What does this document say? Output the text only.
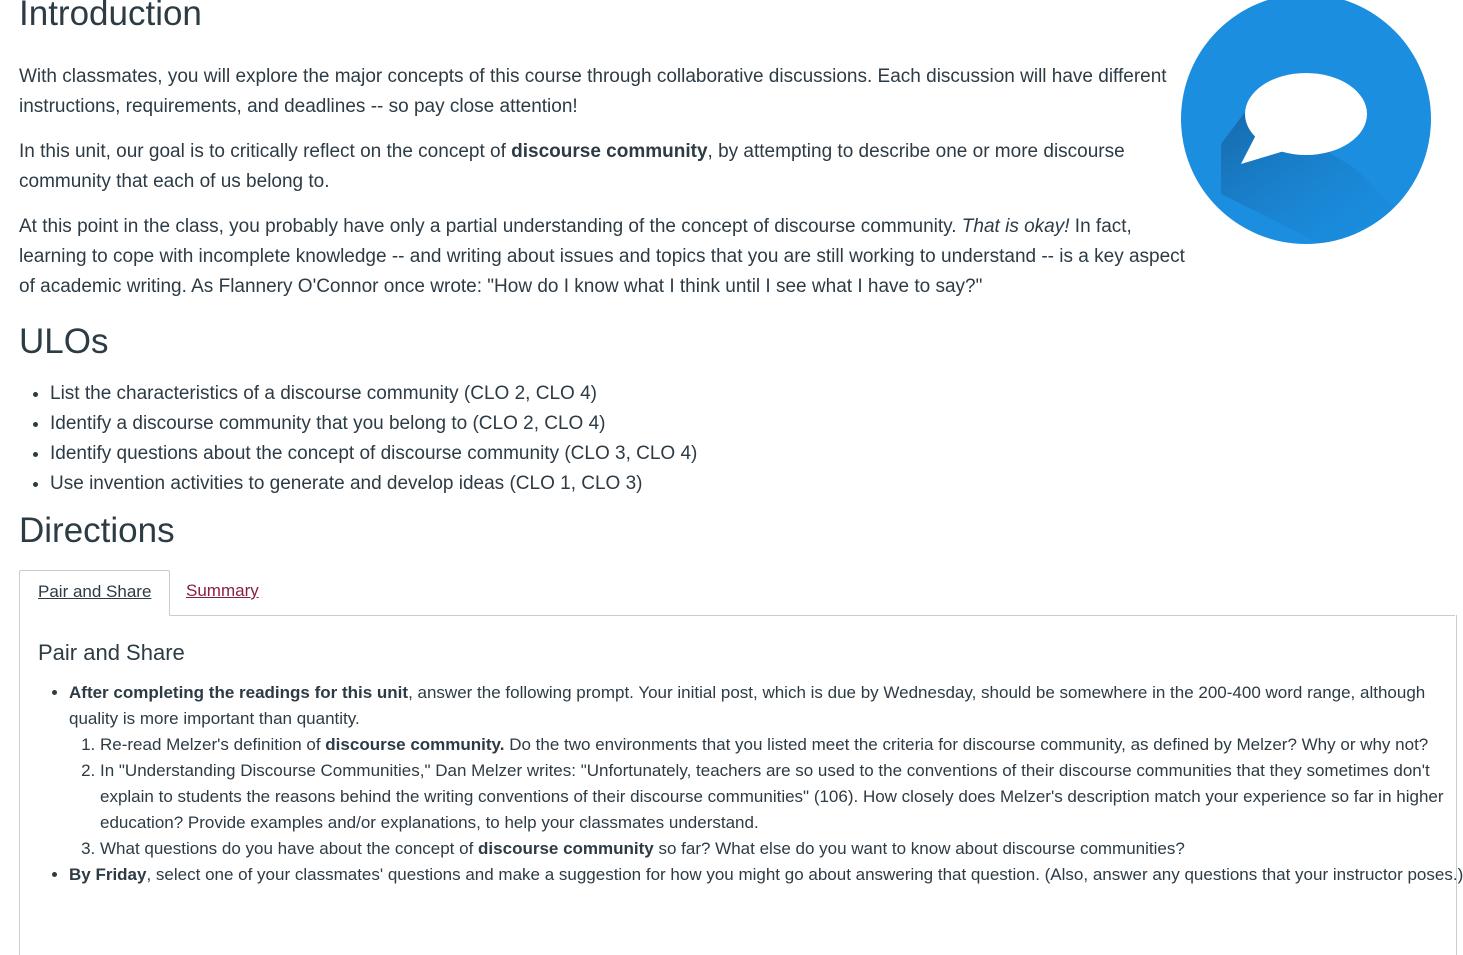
Introduction

With classmates, you will explore the major concepts of this course through collaborative discussions. Each discussion will have different instructions, requirements, and deadlines -- so pay close attention!

In this unit, our goal is to critically reflect on the concept of discourse community, by attempting to describe one or more discourse community that each of us belong to.

At this point in the class, you probably have only a partial understanding of the concept of discourse community. That is okay! In fact, learning to cope with incomplete knowledge -- and writing about issues and topics that you are still working to understand -- is a key aspect of academic writing. As Flannery O'Connor once wrote: "How do I know what I think until I see what I have to say?"

ULOs
• List the characteristics of a discourse community (CLO 2, CLO 4)
• Identify a discourse community that you belong to (CLO 2, CLO 4)
• Identify questions about the concept of discourse community (CLO 3, CLO 4)
• Use invention activities to generate and develop ideas (CLO 1, CLO 3)
Directions
Pair and Share	Summary
Pair and Share
• After completing the readings for this unit, answer the following prompt. Your initial post, which is due by Wednesday, should be somewhere in the 200-400 word range, although quality is more important than quantity.
1. Re-read Melzer's definition of discourse community. Do the two environments that you listed meet the criteria for discourse community, as defined by Melzer? Why or why not?
2. In "Understanding Discourse Communities," Dan Melzer writes: "Unfortunately, teachers are so used to the conventions of their discourse communities that they sometimes don't explain to students the reasons behind the writing conventions of their discourse communities" (106). How closely does Melzer's description match your experience so far in higher education? Provide examples and/or explanations, to help your classmates understand.
3. What questions do you have about the concept of discourse community so far? What else do you want to know about discourse communities?
• By Friday, select one of your classmates' questions and make a suggestion for how you might go about answering that question. (Also, answer any questions that your instructor poses.)
